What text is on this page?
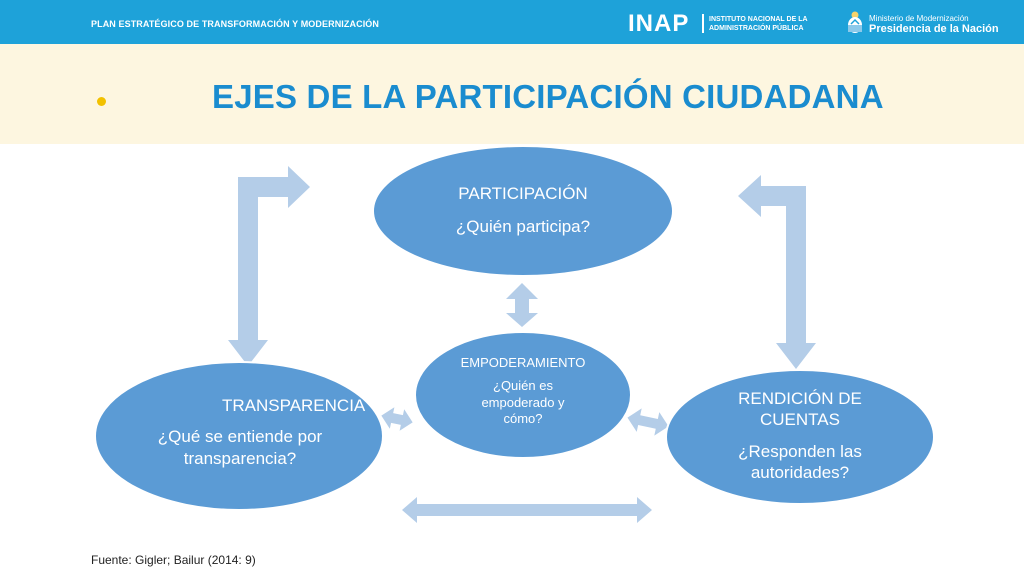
PLAN ESTRATÉGICO DE TRANSFORMACIÓN Y MODERNIZACIÓN	INAP	INSTITUTO NACIONAL DE LA
ADMINISTRACIÓN PÚBLICA
Ministerio de Modernización
Presidencia de la Nación
EJES DE LA PARTICIPACIÓN CIUDADANA
PARTICIPACIÓN
¿Quién participa?
EMPODERAMIENTO
¿Quién es empoderado y cómo?
TRANSPARENCIA
¿Qué se entiende por transparencia?
RENDICIÓN DE CUENTAS
¿Responden las autoridades?
Fuente: Gigler; Bailur (2014: 9)
